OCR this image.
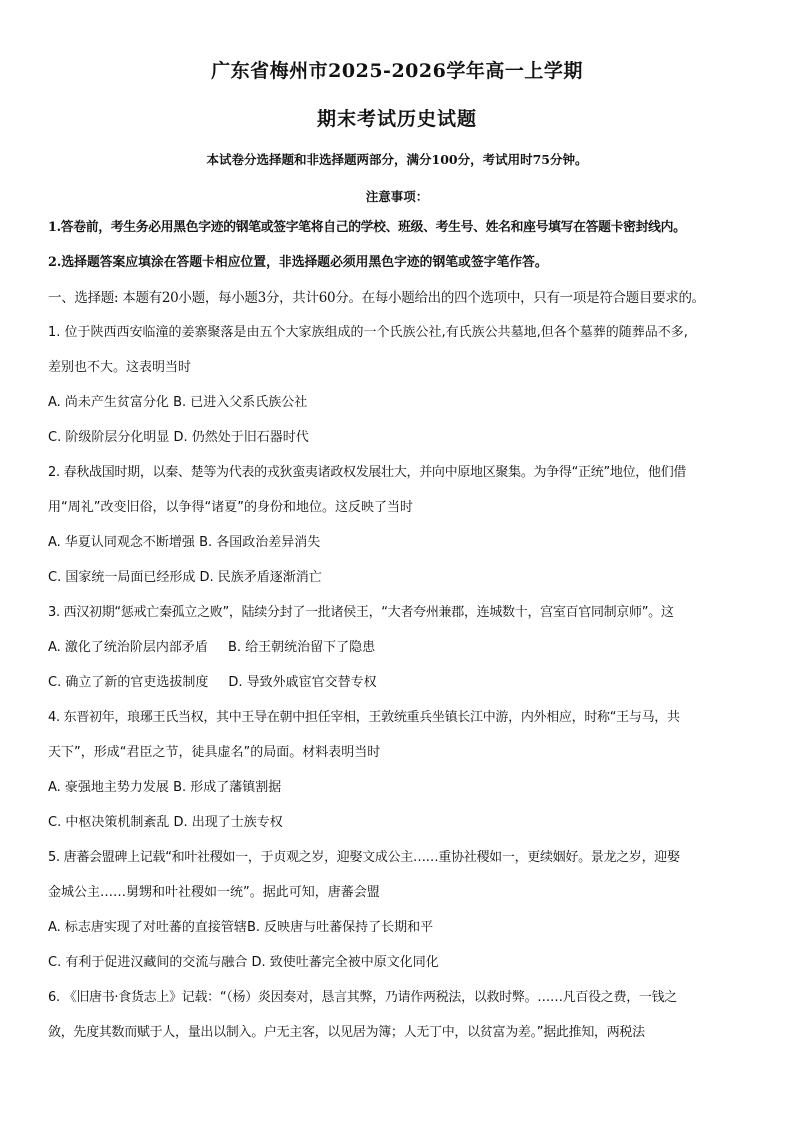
广东省梅州市2025-2026学年高一上学期
期末考试历史试题
本试卷分选择题和非选择题两部分，满分100分，考试用时75分钟。
注意事项：
1.答卷前，考生务必用黑色字迹的钢笔或签字笔将自己的学校、班级、考生号、姓名和座号填写在答题卡密封线内。
2.选择题答案应填涂在答题卡相应位置，非选择题必须用黑色字迹的钢笔或签字笔作答。
一、选择题: 本题有20小题，每小题3分，共计60分。在每小题给出的四个选项中，只有一项是符合题目要求的。
1. 位于陕西西安临潼的姜寨聚落是由五个大家族组成的一个氏族公社,有氏族公共墓地,但各个墓葬的随葬品不多,
差别也不大。这表明当时
A. 尚未产生贫富分化 B. 已进入父系氏族公社
C. 阶级阶层分化明显 D. 仍然处于旧石器时代
2. 春秋战国时期，以秦、楚等为代表的戎狄蛮夷诸政权发展壮大，并向中原地区聚集。为争得“正统”地位，他们借
用“周礼”改变旧俗，以争得“诸夏”的身份和地位。这反映了当时
A. 华夏认同观念不断增强 B. 各国政治差异消失
C. 国家统一局面已经形成 D. 民族矛盾逐渐消亡
3. 西汉初期“惩戒亡秦孤立之败”，陆续分封了一批诸侯王，“大者夸州兼郡，连城数十，宫室百官同制京师”。这
A. 激化了统治阶层内部矛盾 B. 给王朝统治留下了隐患
C. 确立了新的官吏选拔制度 D. 导致外戚宦官交替专权
4. 东晋初年，琅琊王氏当权，其中王导在朝中担任宰相，王敦统重兵坐镇长江中游，内外相应，时称“王与马，共
天下”，形成“君臣之节，徒具虚名”的局面。材料表明当时
A. 豪强地主势力发展 B. 形成了藩镇割据
C. 中枢决策机制紊乱 D. 出现了士族专权
5. 唐蕃会盟碑上记载“和叶社稷如一，于贞观之岁，迎娶文成公主……重协社稷如一，更续姻好。景龙之岁，迎娶
金城公主……舅甥和叶社稷如一统”。据此可知，唐蕃会盟
A. 标志唐实现了对吐蕃的直接管辖B. 反映唐与吐蕃保持了长期和平
C. 有利于促进汉藏间的交流与融合 D. 致使吐蕃完全被中原文化同化
6. 《旧唐书·食货志上》记载：“（杨）炎因奏对，恳言其弊，乃请作两税法，以救时弊。……凡百役之费，一钱之
敛，先度其数而赋于人，量出以制入。户无主客，以见居为簿；人无丁中，以贫富为差。”据此推知，两税法
